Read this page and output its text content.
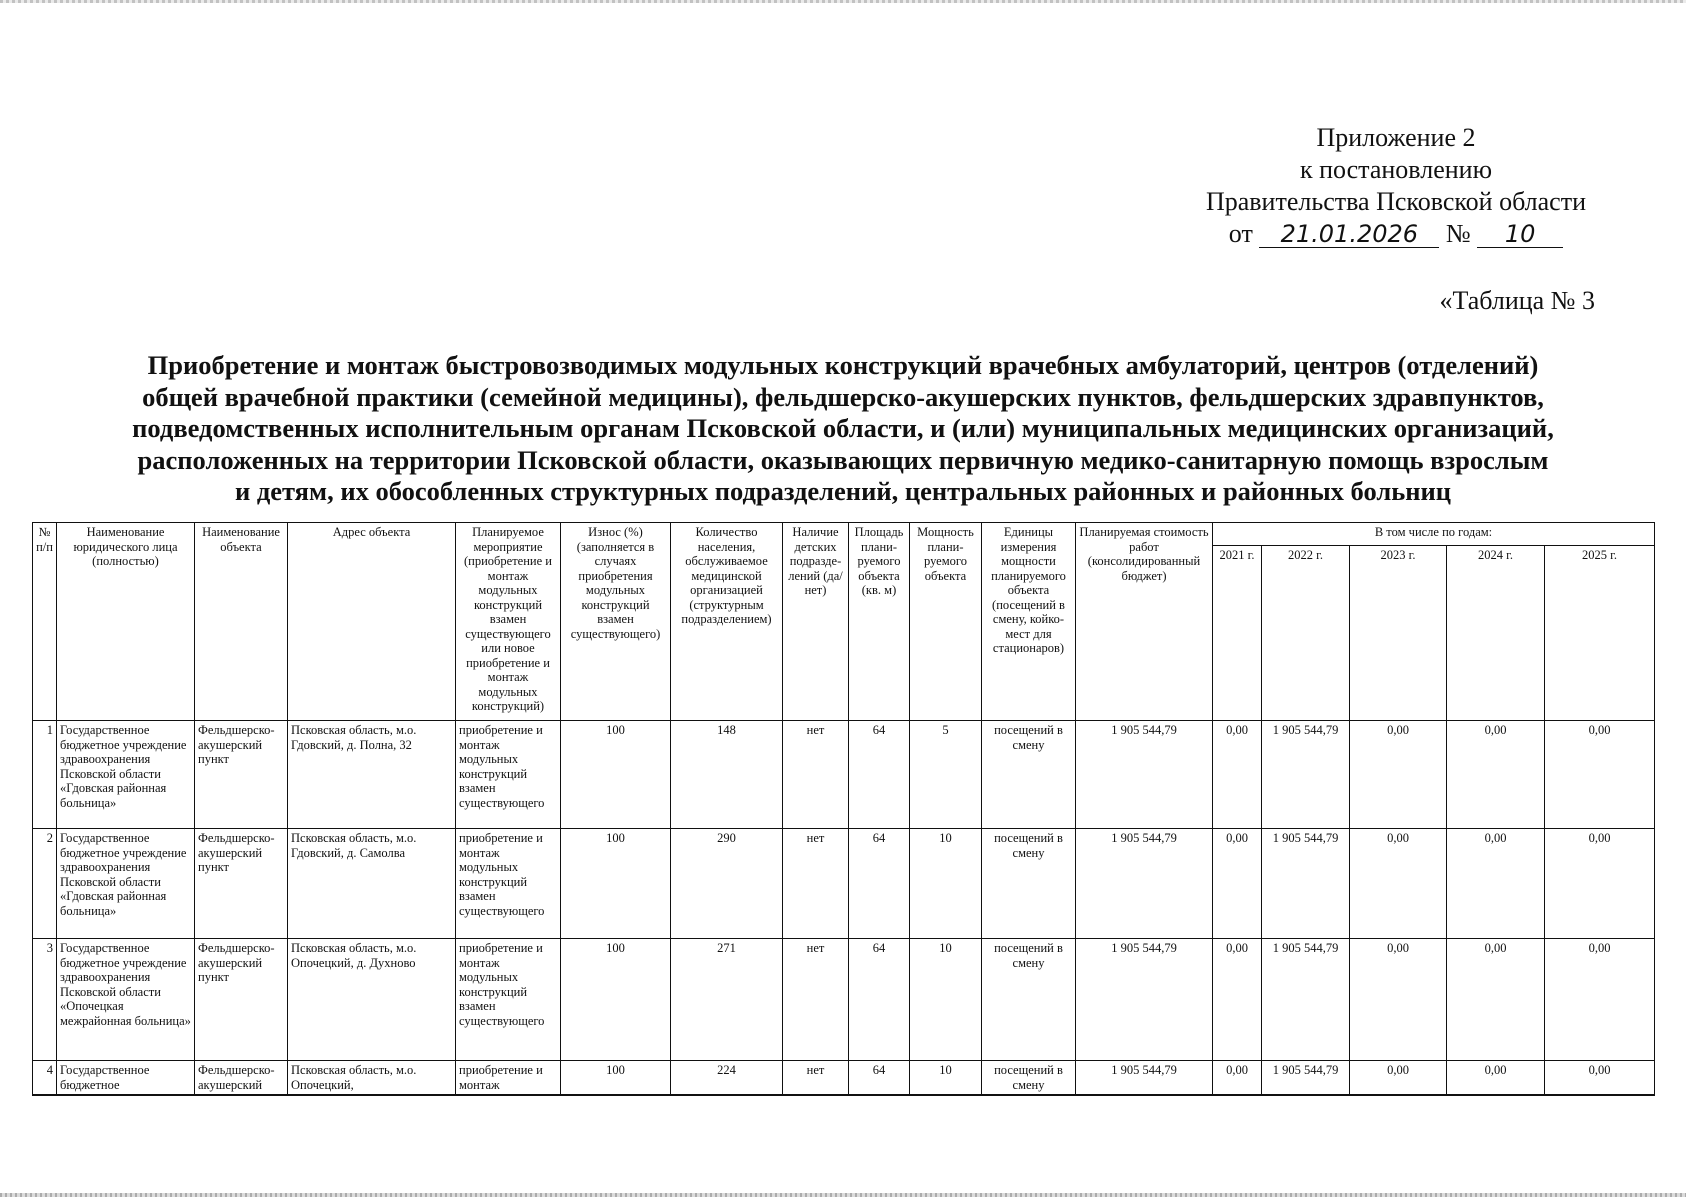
Приложение 2
к постановлению
Правительства Псковской области
от 21.01.2026 № 10
«Таблица № 3
Приобретение и монтаж быстровозводимых модульных конструкций врачебных амбулаторий, центров (отделений)
общей врачебной практики (семейной медицины), фельдшерско-акушерских пунктов, фельдшерских здравпунктов,
подведомственных исполнительным органам Псковской области, и (или) муниципальных медицинских организаций,
расположенных на территории Псковской области, оказывающих первичную медико-санитарную помощь взрослым
и детям, их обособленных структурных подразделений, центральных районных и районных больниц
№ п/п	Наименование юридического лица (полностью)	Наименование объекта	Адрес объекта	Планируемое мероприятие (приобретение и монтаж модульных конструкций взамен существующего или новое приобретение и монтаж модульных конструкций)	Износ (%) (заполняется в случаях приобретения модульных конструкций взамен существующего)	Количество населения, обслуживаемое медицинской организацией (структурным подразделением)	Наличие детских подразде-лений (да/нет)	Площадь плани-руемого объекта (кв. м)	Мощность плани-руемого объекта	Единицы измерения мощности планируемого объекта (посещений в смену, койко-мест для стационаров)	Планируемая стоимость работ (консолидированный бюджет)	В том числе по годам:				
												2021 г.	2022 г.	2023 г.	2024 г.	2025 г.
1	Государственное бюджетное учреждение здравоохранения Псковской области «Гдовская районная больница»	Фельдшерско-акушерский пункт	Псковская область, м.о. Гдовский, д. Полна, 32	приобретение и монтаж модульных конструкций взамен существующего	100	148	нет	64	5	посещений в смену	1 905 544,79	0,00	1 905 544,79	0,00	0,00	0,00
2	Государственное бюджетное учреждение здравоохранения Псковской области «Гдовская районная больница»	Фельдшерско-акушерский пункт	Псковская область, м.о. Гдовский, д. Самолва	приобретение и монтаж модульных конструкций взамен существующего	100	290	нет	64	10	посещений в смену	1 905 544,79	0,00	1 905 544,79	0,00	0,00	0,00
3	Государственное бюджетное учреждение здравоохранения Псковской области «Опочецкая межрайонная больница»	Фельдшерско-акушерский пункт	Псковская область, м.о. Опочецкий, д. Духново	приобретение и монтаж модульных конструкций взамен существующего	100	271	нет	64	10	посещений в смену	1 905 544,79	0,00	1 905 544,79	0,00	0,00	0,00
4	Государственное бюджетное	Фельдшерско-акушерский	Псковская область, м.о. Опочецкий,	приобретение и монтаж	100	224	нет	64	10	посещений в смену	1 905 544,79	0,00	1 905 544,79	0,00	0,00	0,00
